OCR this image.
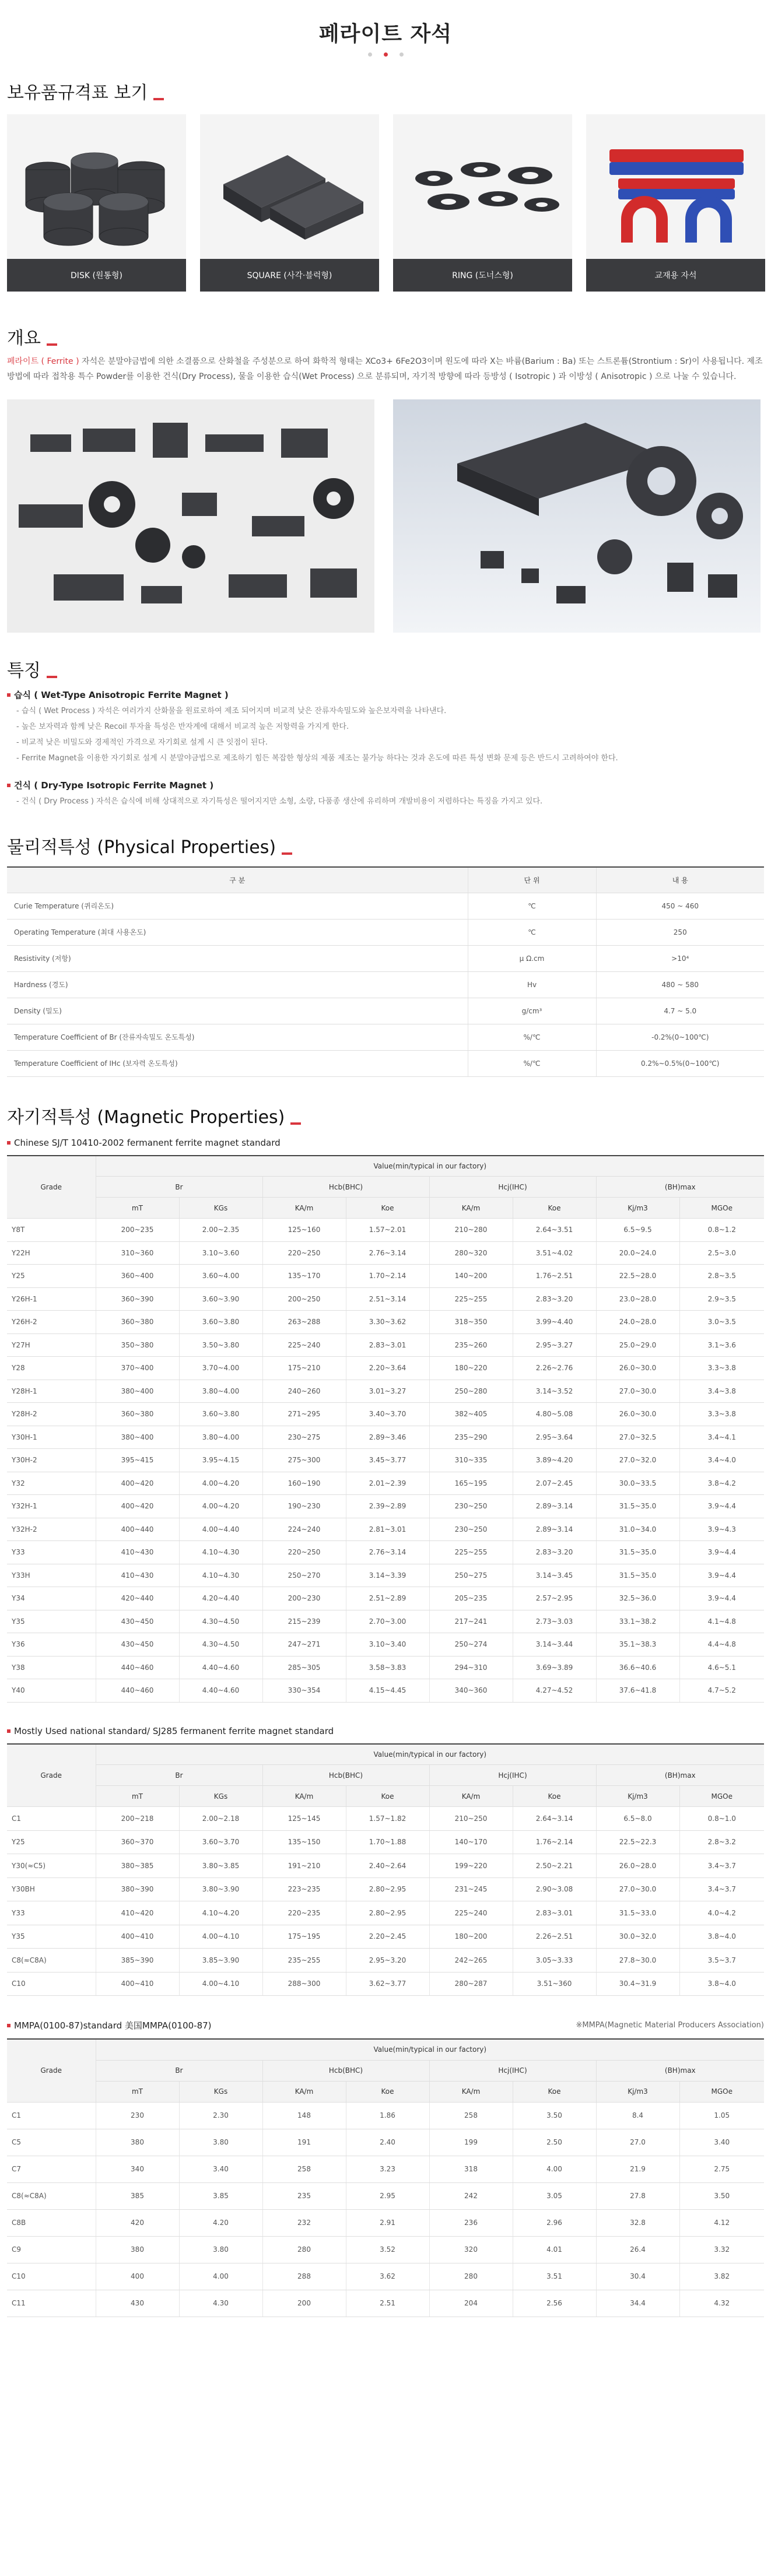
페라이트 자석
보유품규격표 보기
DISK (원통형)	SQUARE (사각·블럭형)	RING (도너스형)	교재용 자석
개요

페라이트 ( Ferrite ) 자석은 분말야금법에 의한 소결품으로 산화철을 주성분으로 하여 화학적 형태는 XCo3+ 6Fe2O3이며 원도에 따라 X는 바륨(Barium : Ba) 또는 스트론튬(Strontium : Sr)이 사용됩니다. 제조방법에 따라 접착용 특수 Powder를 이용한 건식(Dry Process), 물을 이용한 습식(Wet Process) 으로 분류되며, 자기적 방향에 따라 등방성 ( Isotropic ) 과 이방성 ( Anisotropic ) 으로 나눌 수 있습니다.

특징
습식 ( Wet-Type Anisotropic Ferrite Magnet )
- 습식 ( Wet Process ) 자석은 여러가지 산화물을 원료로하여 제조 되어지며 비교적 낮은 잔류자속밀도와 높은보자력을 나타낸다.
- 높은 보자력과 함께 낮은 Recoil 투자율 특성은 반자계에 대해서 비교적 높은 저항력을 가지게 한다.
- 비교적 낮은 비밀도와 경제적인 가격으로 자기회로 설계 시 큰 잇점이 된다.
- Ferrite Magnet을 이용한 자기회로 설계 시 분말야금법으로 제조하기 힘든 복잡한 형상의 제품 제조는 불가능 하다는 것과 온도에 따른 특성 변화 문제 등은 반드시 고려하여야 한다.
건식 ( Dry-Type Isotropic Ferrite Magnet )
- 건식 ( Dry Process ) 자석은 습식에 비해 상대적으로 자기특성은 떨어지지만 소형, 소량, 다품종 생산에 유리하며 개발비용이 저렴하다는 특징을 가지고 있다.
물리적특성 (Physical Properties)
구 분	단 위	내 용
Curie Temperature (퀴리온도)	℃	450 ~ 460
Operating Temperature (최대 사용온도)	℃	250
Resistivity (저항)	μ Ω.cm	>10⁴
Hardness (경도)	Hv	480 ~ 580
Density (밀도)	g/cm³	4.7 ~ 5.0
Temperature Coefficient of Br (잔류자속밀도 온도특성)	%/℃	-0.2%(0~100℃)
Temperature Coefficient of IHc (보자력 온도특성)	%/℃	0.2%~0.5%(0~100℃)
자기적특성 (Magnetic Properties)
Chinese SJ/T 10410-2002 fermanent ferrite magnet standard
Grade	Value(min/typical in our factory)							
	Br		Hcb(BHC)		Hcj(IHC)		(BH)max	
	mT	KGs	KA/m	Koe	KA/m	Koe	Kj/m3	MGOe
Y8T	200~235	2.00~2.35	125~160	1.57~2.01	210~280	2.64~3.51	6.5~9.5	0.8~1.2
Y22H	310~360	3.10~3.60	220~250	2.76~3.14	280~320	3.51~4.02	20.0~24.0	2.5~3.0
Y25	360~400	3.60~4.00	135~170	1.70~2.14	140~200	1.76~2.51	22.5~28.0	2.8~3.5
Y26H-1	360~390	3.60~3.90	200~250	2.51~3.14	225~255	2.83~3.20	23.0~28.0	2.9~3.5
Y26H-2	360~380	3.60~3.80	263~288	3.30~3.62	318~350	3.99~4.40	24.0~28.0	3.0~3.5
Y27H	350~380	3.50~3.80	225~240	2.83~3.01	235~260	2.95~3.27	25.0~29.0	3.1~3.6
Y28	370~400	3.70~4.00	175~210	2.20~3.64	180~220	2.26~2.76	26.0~30.0	3.3~3.8
Y28H-1	380~400	3.80~4.00	240~260	3.01~3.27	250~280	3.14~3.52	27.0~30.0	3.4~3.8
Y28H-2	360~380	3.60~3.80	271~295	3.40~3.70	382~405	4.80~5.08	26.0~30.0	3.3~3.8
Y30H-1	380~400	3.80~4.00	230~275	2.89~3.46	235~290	2.95~3.64	27.0~32.5	3.4~4.1
Y30H-2	395~415	3.95~4.15	275~300	3.45~3.77	310~335	3.89~4.20	27.0~32.0	3.4~4.0
Y32	400~420	4.00~4.20	160~190	2.01~2.39	165~195	2.07~2.45	30.0~33.5	3.8~4.2
Y32H-1	400~420	4.00~4.20	190~230	2.39~2.89	230~250	2.89~3.14	31.5~35.0	3.9~4.4
Y32H-2	400~440	4.00~4.40	224~240	2.81~3.01	230~250	2.89~3.14	31.0~34.0	3.9~4.3
Y33	410~430	4.10~4.30	220~250	2.76~3.14	225~255	2.83~3.20	31.5~35.0	3.9~4.4
Y33H	410~430	4.10~4.30	250~270	3.14~3.39	250~275	3.14~3.45	31.5~35.0	3.9~4.4
Y34	420~440	4.20~4.40	200~230	2.51~2.89	205~235	2.57~2.95	32.5~36.0	3.9~4.4
Y35	430~450	4.30~4.50	215~239	2.70~3.00	217~241	2.73~3.03	33.1~38.2	4.1~4.8
Y36	430~450	4.30~4.50	247~271	3.10~3.40	250~274	3.14~3.44	35.1~38.3	4.4~4.8
Y38	440~460	4.40~4.60	285~305	3.58~3.83	294~310	3.69~3.89	36.6~40.6	4.6~5.1
Y40	440~460	4.40~4.60	330~354	4.15~4.45	340~360	4.27~4.52	37.6~41.8	4.7~5.2
Mostly Used national standard/ SJ285 fermanent ferrite magnet standard
Grade	Value(min/typical in our factory)							
	Br		Hcb(BHC)		Hcj(IHC)		(BH)max	
	mT	KGs	KA/m	Koe	KA/m	Koe	Kj/m3	MGOe
C1	200~218	2.00~2.18	125~145	1.57~1.82	210~250	2.64~3.14	6.5~8.0	0.8~1.0
Y25	360~370	3.60~3.70	135~150	1.70~1.88	140~170	1.76~2.14	22.5~22.3	2.8~3.2
Y30(≈C5)	380~385	3.80~3.85	191~210	2.40~2.64	199~220	2.50~2.21	26.0~28.0	3.4~3.7
Y30BH	380~390	3.80~3.90	223~235	2.80~2.95	231~245	2.90~3.08	27.0~30.0	3.4~3.7
Y33	410~420	4.10~4.20	220~235	2.80~2.95	225~240	2.83~3.01	31.5~33.0	4.0~4.2
Y35	400~410	4.00~4.10	175~195	2.20~2.45	180~200	2.26~2.51	30.0~32.0	3.8~4.0
C8(≈C8A)	385~390	3.85~3.90	235~255	2.95~3.20	242~265	3.05~3.33	27.8~30.0	3.5~3.7
C10	400~410	4.00~4.10	288~300	3.62~3.77	280~287	3.51~360	30.4~31.9	3.8~4.0
MMPA(0100-87)standard 美国MMPA(0100-87)	※MMPA(Magnetic Material Producers Association)
Grade	Value(min/typical in our factory)							
	Br		Hcb(BHC)		Hcj(IHC)		(BH)max	
	mT	KGs	KA/m	Koe	KA/m	Koe	Kj/m3	MGOe
C1	230	2.30	148	1.86	258	3.50	8.4	1.05
C5	380	3.80	191	2.40	199	2.50	27.0	3.40
C7	340	3.40	258	3.23	318	4.00	21.9	2.75
C8(≈C8A)	385	3.85	235	2.95	242	3.05	27.8	3.50
C8B	420	4.20	232	2.91	236	2.96	32.8	4.12
C9	380	3.80	280	3.52	320	4.01	26.4	3.32
C10	400	4.00	288	3.62	280	3.51	30.4	3.82
C11	430	4.30	200	2.51	204	2.56	34.4	4.32
